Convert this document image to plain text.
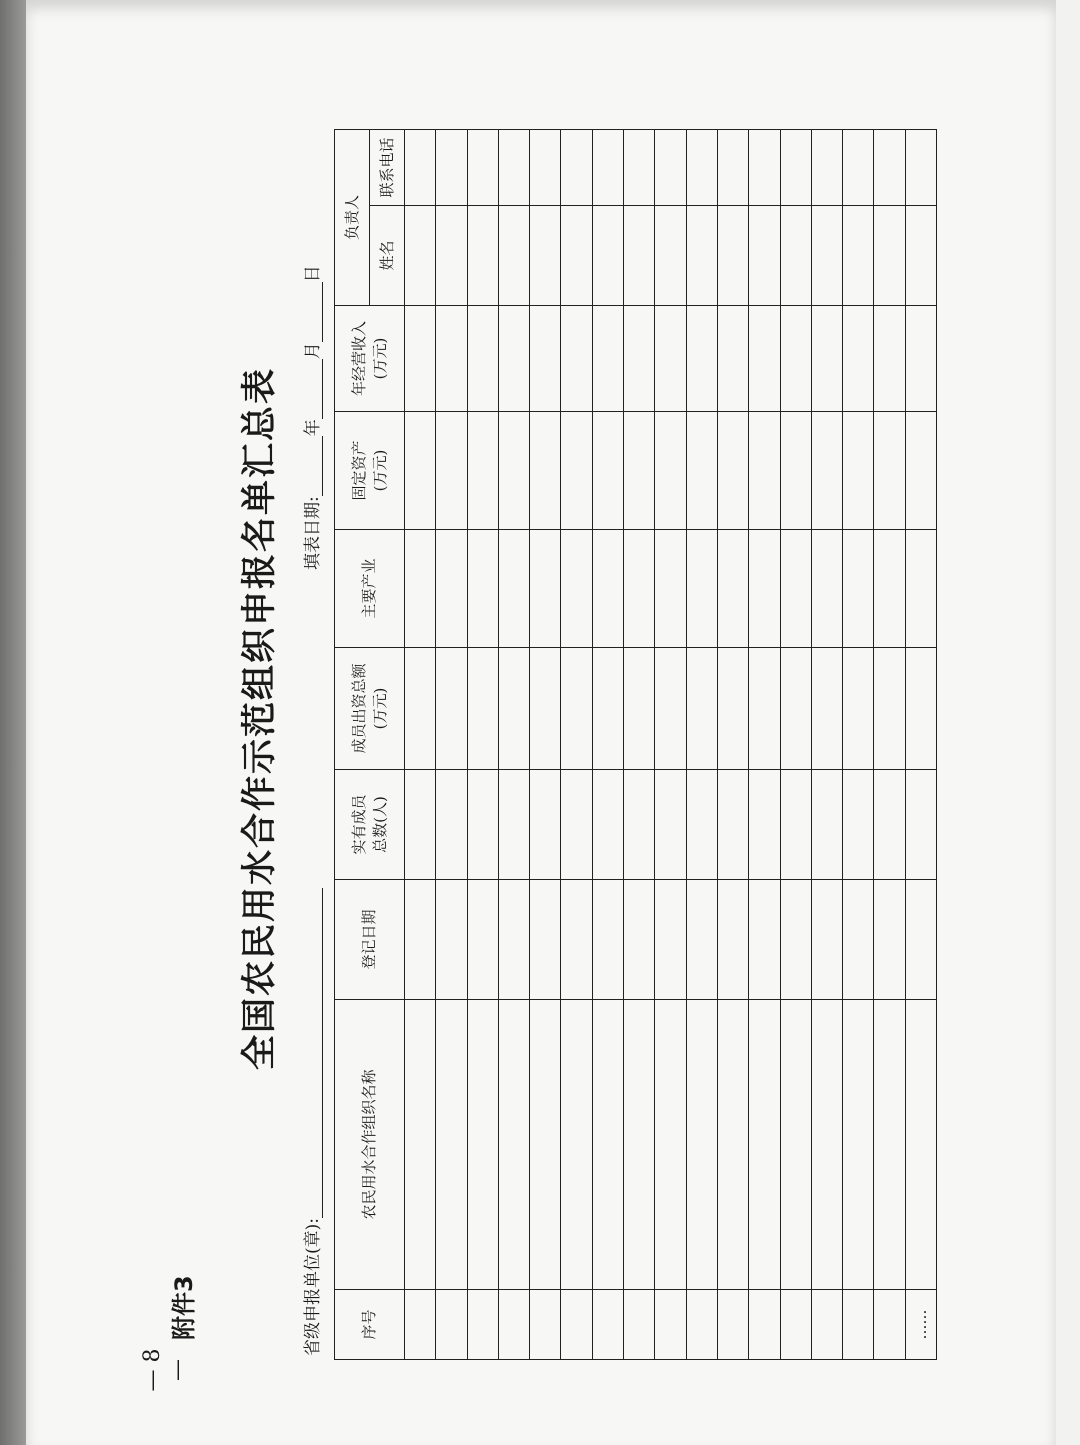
— 8 —
附件3
全国农民用水合作示范组织申报名单汇总表
省级申报单位(章):
填表日期:年月日
序号	农民用水合作组织名称	登记日期	实有成员 总数(人)	成员出资总额 (万元)	主要产业	固定资产 (万元)	年经营收入 (万元)	负责人	
								姓名	联系电话

……									
